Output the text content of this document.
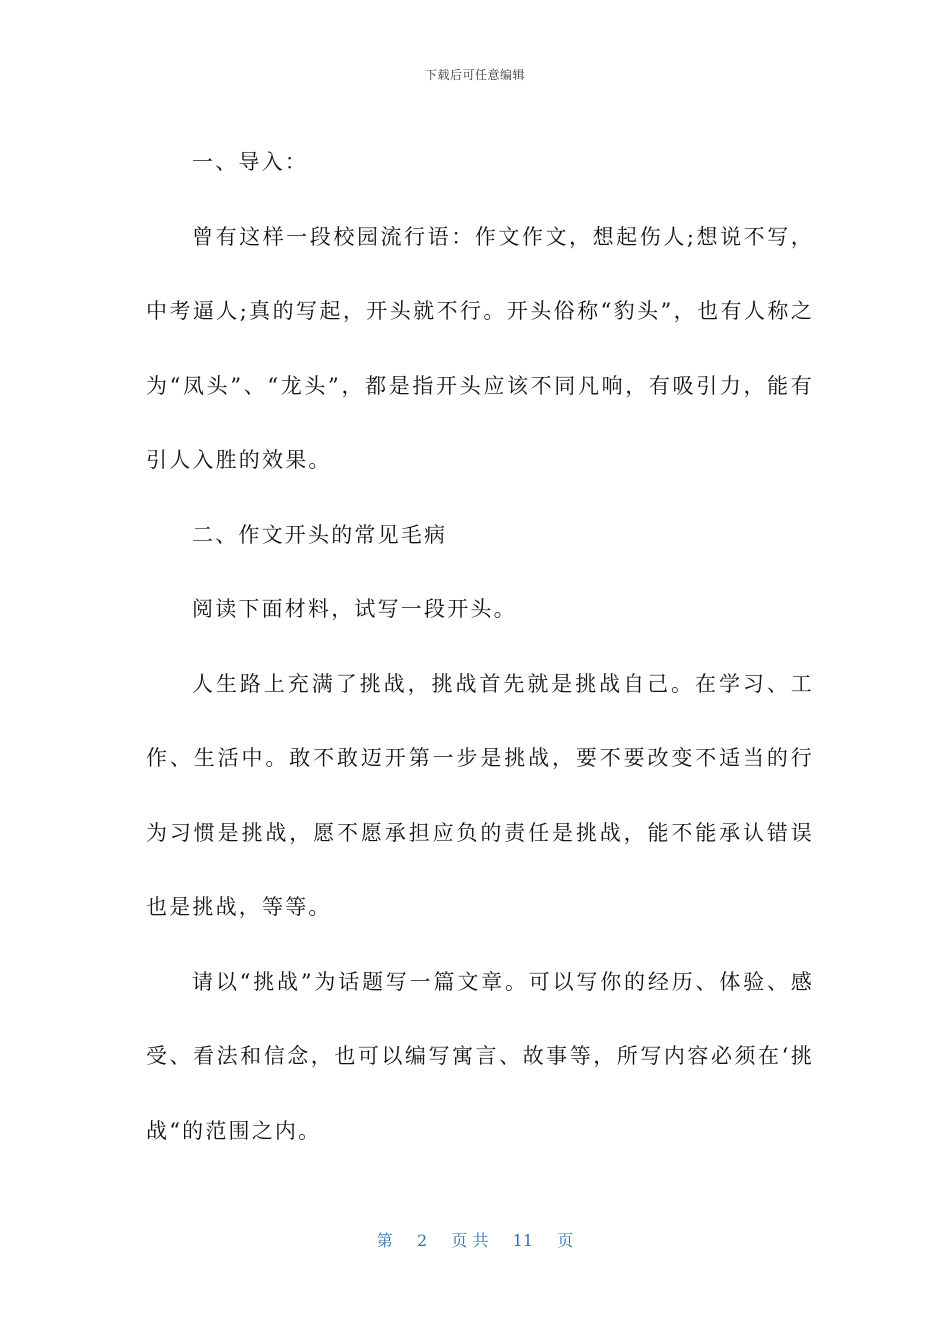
下载后可任意编辑

一、导入：

曾有这样一段校园流行语：作文作文，想起伤人;想说不写，中考逼人;真的写起，开头就不行。开头俗称“豹头”，也有人称之为“凤头”、“龙头”，都是指开头应该不同凡响，有吸引力，能有引人入胜的效果。

二、作文开头的常见毛病

阅读下面材料，试写一段开头。

人生路上充满了挑战，挑战首先就是挑战自己。在学习、工作、生活中。敢不敢迈开第一步是挑战，要不要改变不适当的行为习惯是挑战，愿不愿承担应负的责任是挑战，能不能承认错误也是挑战，等等。

请以“挑战”为话题写一篇文章。可以写你的经历、体验、感受、看法和信念，也可以编写寓言、故事等，所写内容必须在‘挑战“的范围之内。

第 2 页 共 11 页
